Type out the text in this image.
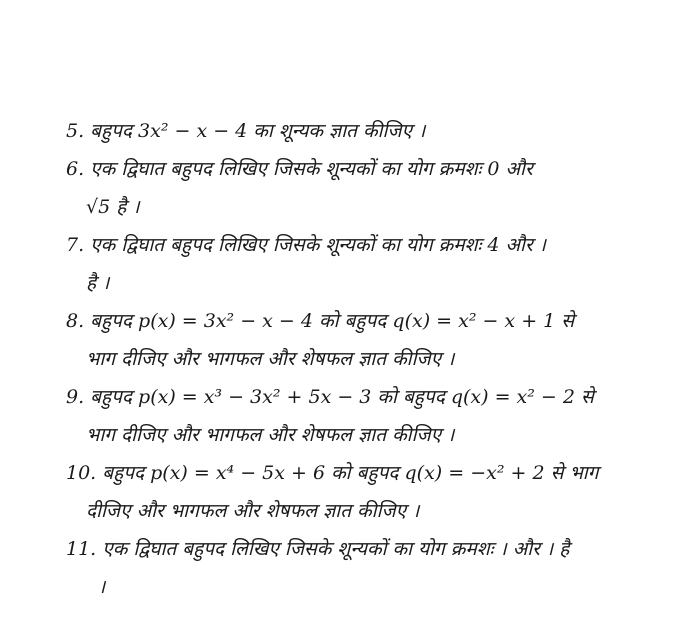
5. बहुपद 3x² − x − 4 का शून्यक ज्ञात कीजिए ।
6. एक द्विघात बहुपद लिखिए जिसके शून्यकों का योग क्रमशः 0 और
√5 है ।
7. एक द्विघात बहुपद लिखिए जिसके शून्यकों का योग क्रमशः 4 और ।
है ।
8. बहुपद p(x) = 3x² − x − 4 को बहुपद q(x) = x² − x + 1 से
भाग दीजिए और भागफल और शेषफल ज्ञात कीजिए ।
9. बहुपद p(x) = x³ − 3x² + 5x − 3 को बहुपद q(x) = x² − 2 से
भाग दीजिए और भागफल और शेषफल ज्ञात कीजिए ।
10. बहुपद p(x) = x⁴ − 5x + 6 को बहुपद q(x) = −x² + 2 से भाग
दीजिए और भागफल और शेषफल ज्ञात कीजिए ।
11. एक द्विघात बहुपद लिखिए जिसके शून्यकों का योग क्रमशः । और । है
।
